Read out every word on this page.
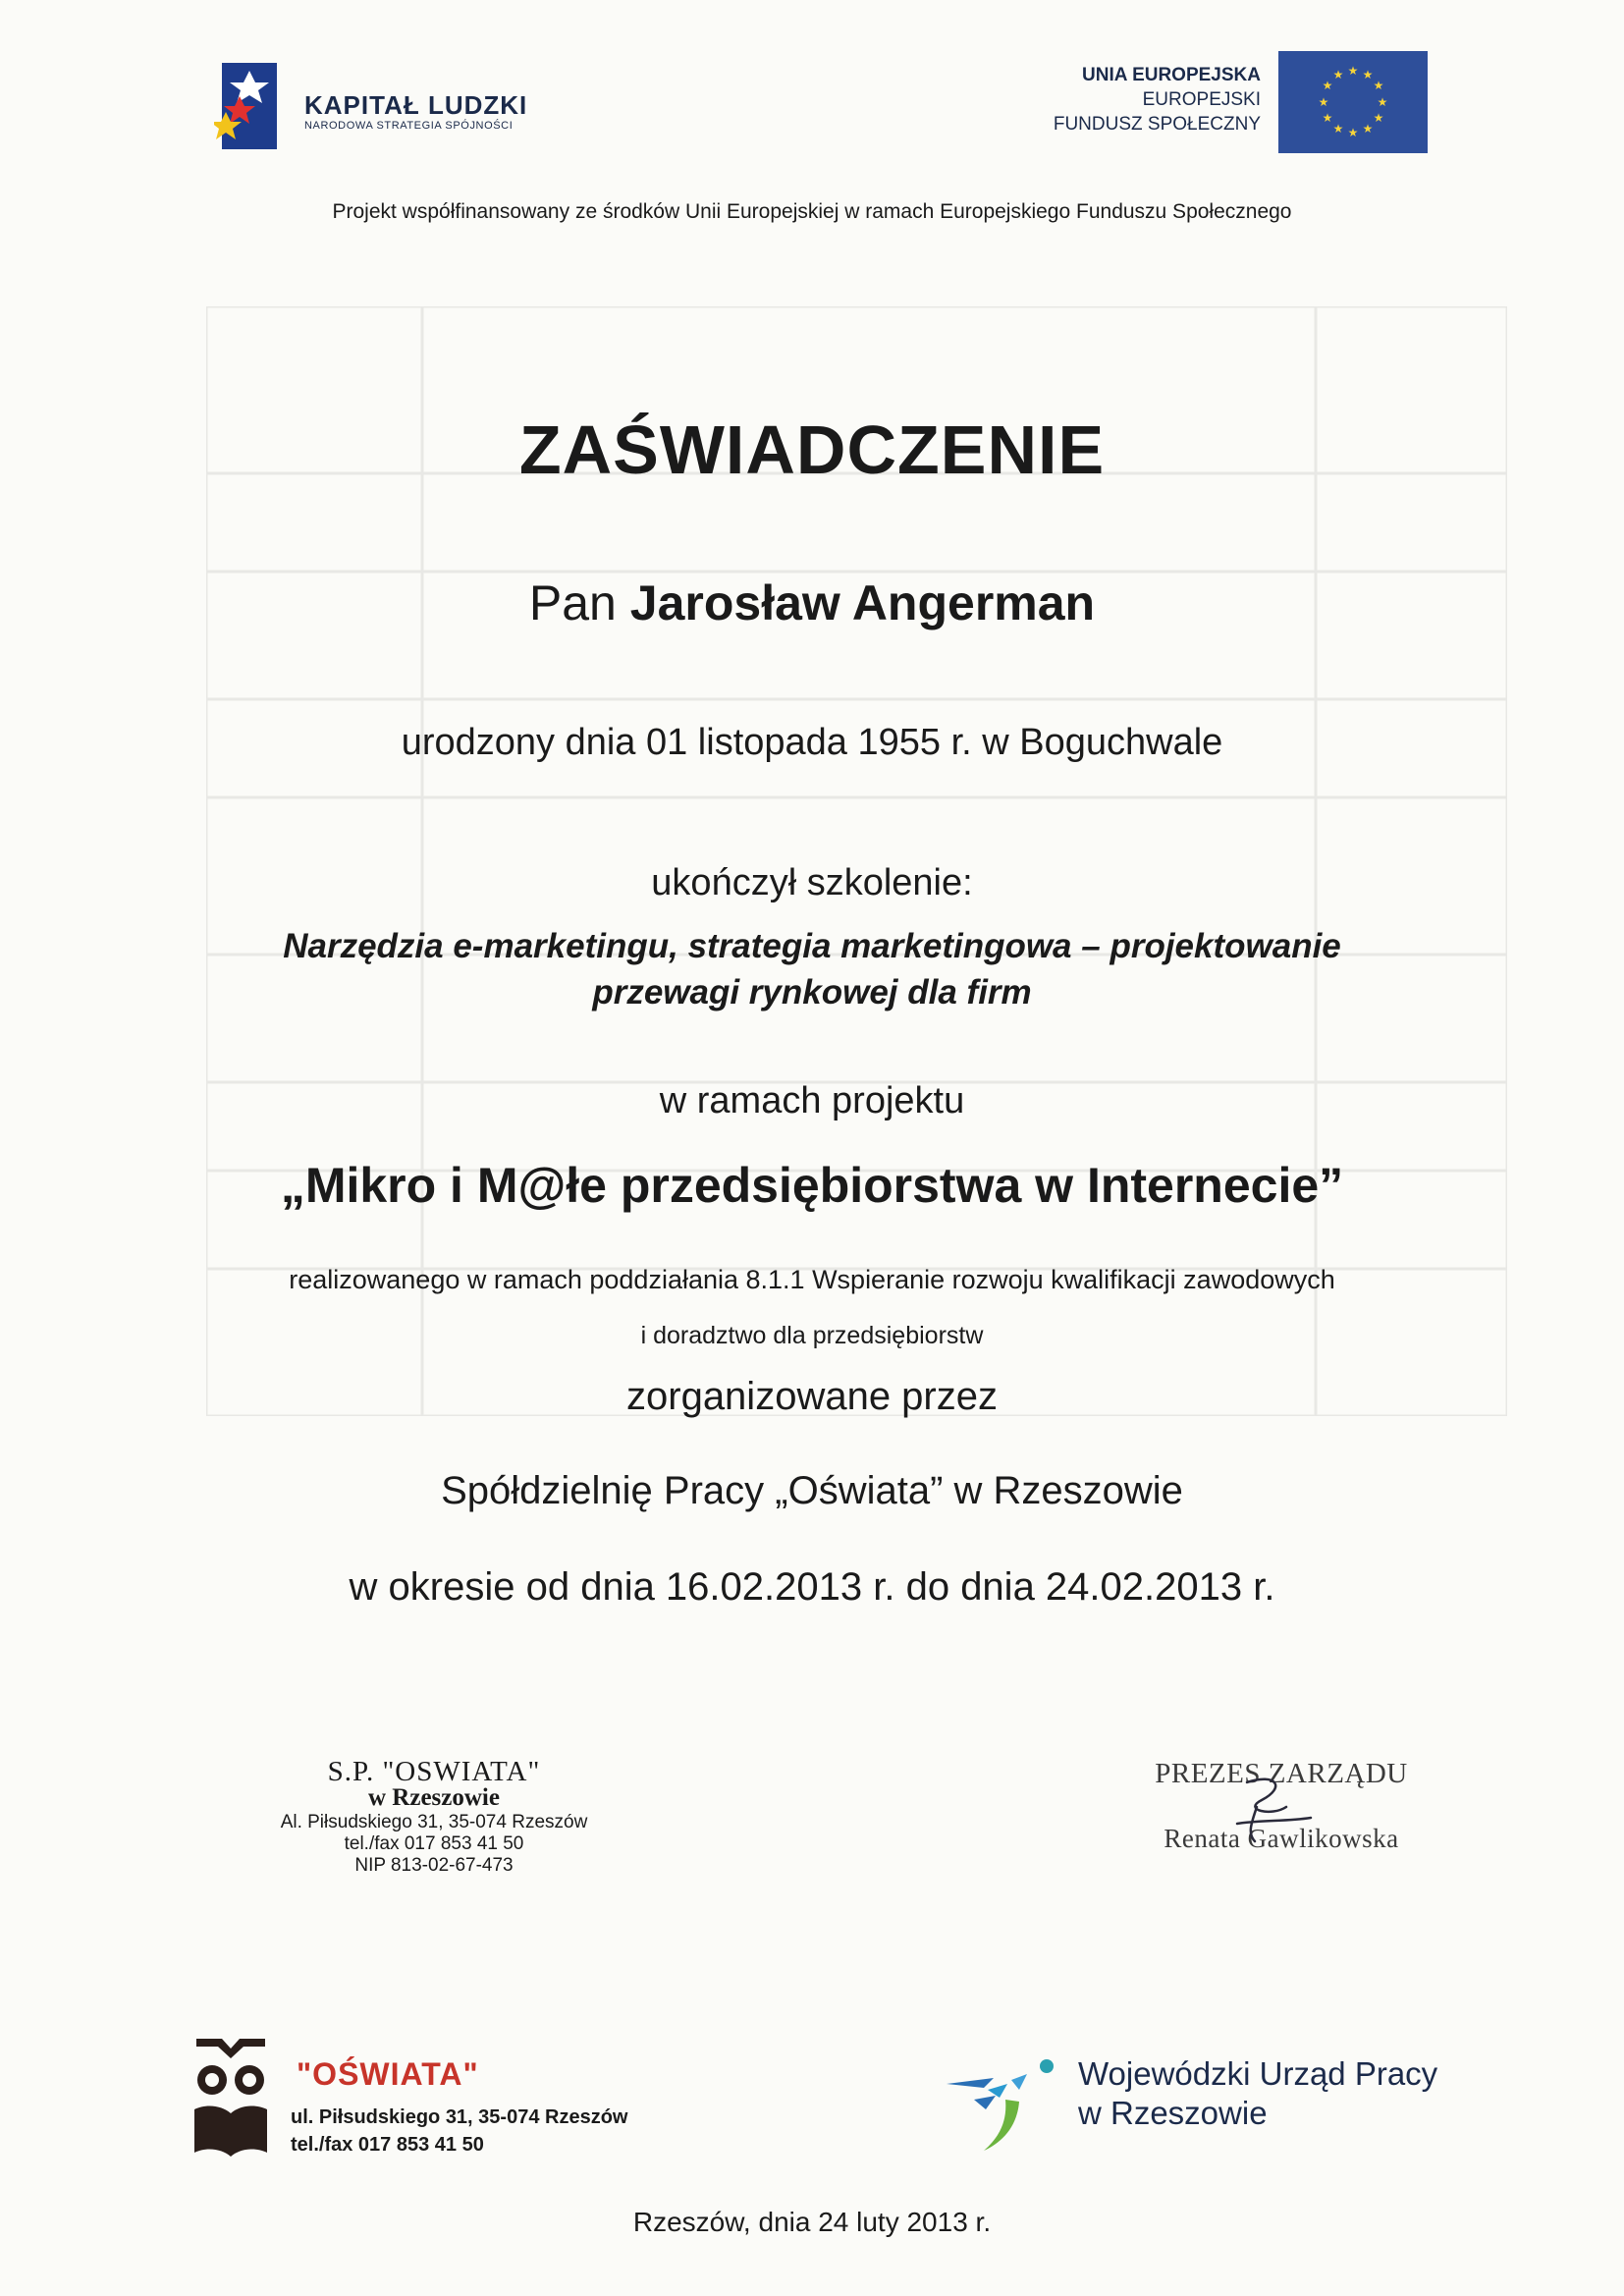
KAPITAŁ LUDZKI
NARODOWA STRATEGIA SPÓJNOŚCI
UNIA EUROPEJSKA
EUROPEJSKI
FUNDUSZ SPOŁECZNY
★ ★
★
★
★
★
★
★
★
★
★
★
Projekt współfinansowany ze środków Unii Europejskiej w ramach Europejskiego Funduszu Społecznego
ZAŚWIADCZENIE
Pan Jarosław Angerman
urodzony dnia 01 listopada 1955 r. w Boguchwale
ukończył szkolenie:
Narzędzia e-marketingu, strategia marketingowa – projektowanie
przewagi rynkowej dla firm
w ramach projektu
„Mikro i M@łe przedsiębiorstwa w Internecie”
realizowanego w ramach poddziałania 8.1.1 Wspieranie rozwoju kwalifikacji zawodowych
i doradztwo dla przedsiębiorstw
zorganizowane przez
Spółdzielnię Pracy „Oświata” w Rzeszowie
w okresie od dnia 16.02.2013 r. do dnia 24.02.2013 r.
S.P. "OSWIATA"
w Rzeszowie
Al. Piłsudskiego 31, 35-074 Rzeszów
tel./fax 017 853 41 50
NIP 813-02-67-473
PREZES ZARZĄDU
Renata Gawlikowska
"OŚWIATA"
ul. Piłsudskiego 31, 35-074 Rzeszów
tel./fax 017 853 41 50
Wojewódzki Urząd Pracy
w Rzeszowie
Rzeszów, dnia 24 luty 2013 r.
